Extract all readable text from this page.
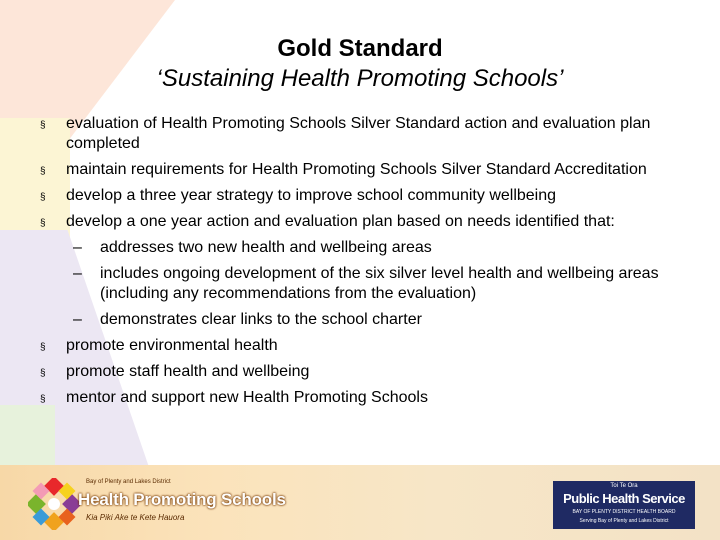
Gold Standard
‘Sustaining Health Promoting Schools’
§ evaluation of Health Promoting Schools Silver Standard action and evaluation plan completed
§ maintain requirements for Health Promoting Schools Silver Standard Accreditation
§ develop a three year strategy to improve school community wellbeing
§ develop a one year action and evaluation plan based on needs identified that:
– addresses two new health and wellbeing areas
– includes ongoing development of the six silver level health and wellbeing areas (including any recommendations from the evaluation)
– demonstrates clear links to the school charter
§ promote environmental health
§ promote staff health and wellbeing
§ mentor and support new Health Promoting Schools
Bay of Plenty and Lakes District
Health Promoting Schools
Kia Piki Ake te Kete Hauora
Toi Te Ora
Public Health Service
BAY OF PLENTY DISTRICT HEALTH BOARD
Serving Bay of Plenty and Lakes District
